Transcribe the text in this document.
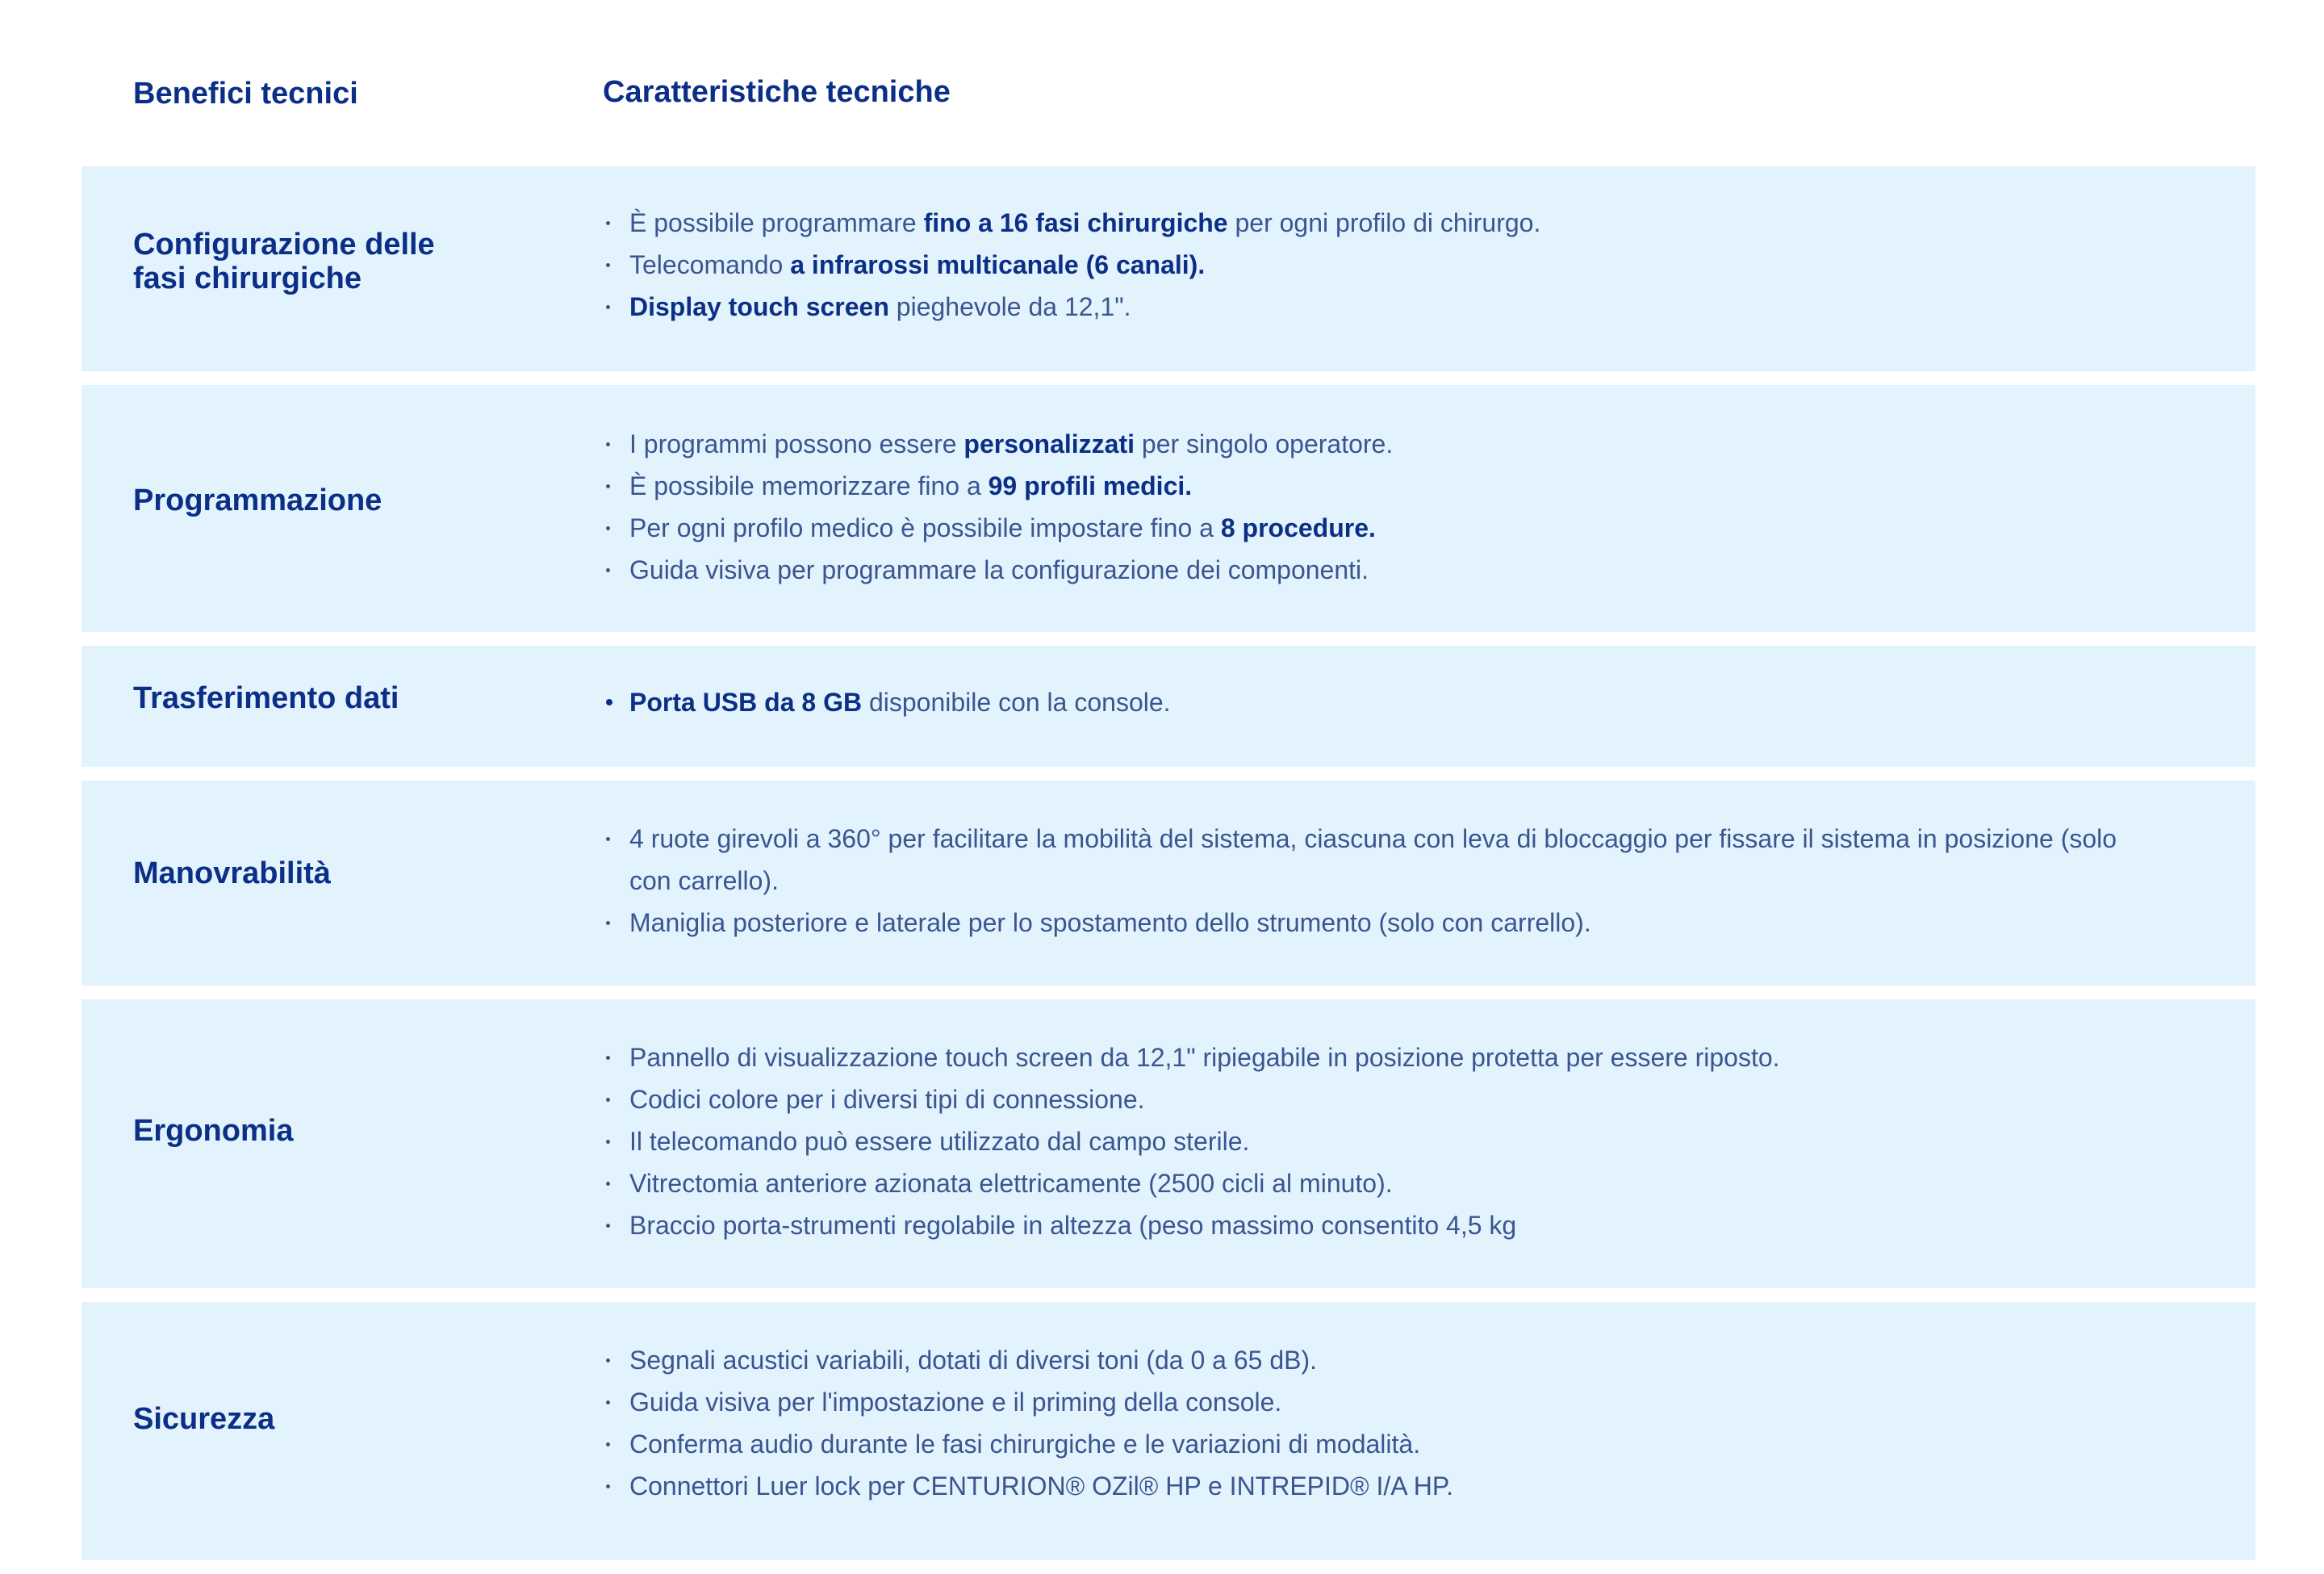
Benefici tecnici	Caratteristiche tecniche
Configurazione delle
fasi chirurgiche
È possibile programmare fino a 16 fasi chirurgiche per ogni profilo di chirurgo.
Telecomando a infrarossi multicanale (6 canali).
Display touch screen pieghevole da 12,1".
Programmazione
I programmi possono essere personalizzati per singolo operatore.
È possibile memorizzare fino a 99 profili medici.
Per ogni profilo medico è possibile impostare fino a 8 procedure.
Guida visiva per programmare la configurazione dei componenti.
Trasferimento dati	Porta USB da 8 GB disponibile con la console.
Manovrabilità
4 ruote girevoli a 360° per facilitare la mobilità del sistema, ciascuna con leva di bloccaggio per fissare il sistema in posizione (solo con carrello).
Maniglia posteriore e laterale per lo spostamento dello strumento (solo con carrello).
Ergonomia
Pannello di visualizzazione touch screen da 12,1" ripiegabile in posizione protetta per essere riposto.
Codici colore per i diversi tipi di connessione.
Il telecomando può essere utilizzato dal campo sterile.
Vitrectomia anteriore azionata elettricamente (2500 cicli al minuto).
Braccio porta-strumenti regolabile in altezza (peso massimo consentito 4,5 kg
Sicurezza
Segnali acustici variabili, dotati di diversi toni (da 0 a 65 dB).
Guida visiva per l'impostazione e il priming della console.
Conferma audio durante le fasi chirurgiche e le variazioni di modalità.
Connettori Luer lock per CENTURION® OZil® HP e INTREPID® I/A HP.
